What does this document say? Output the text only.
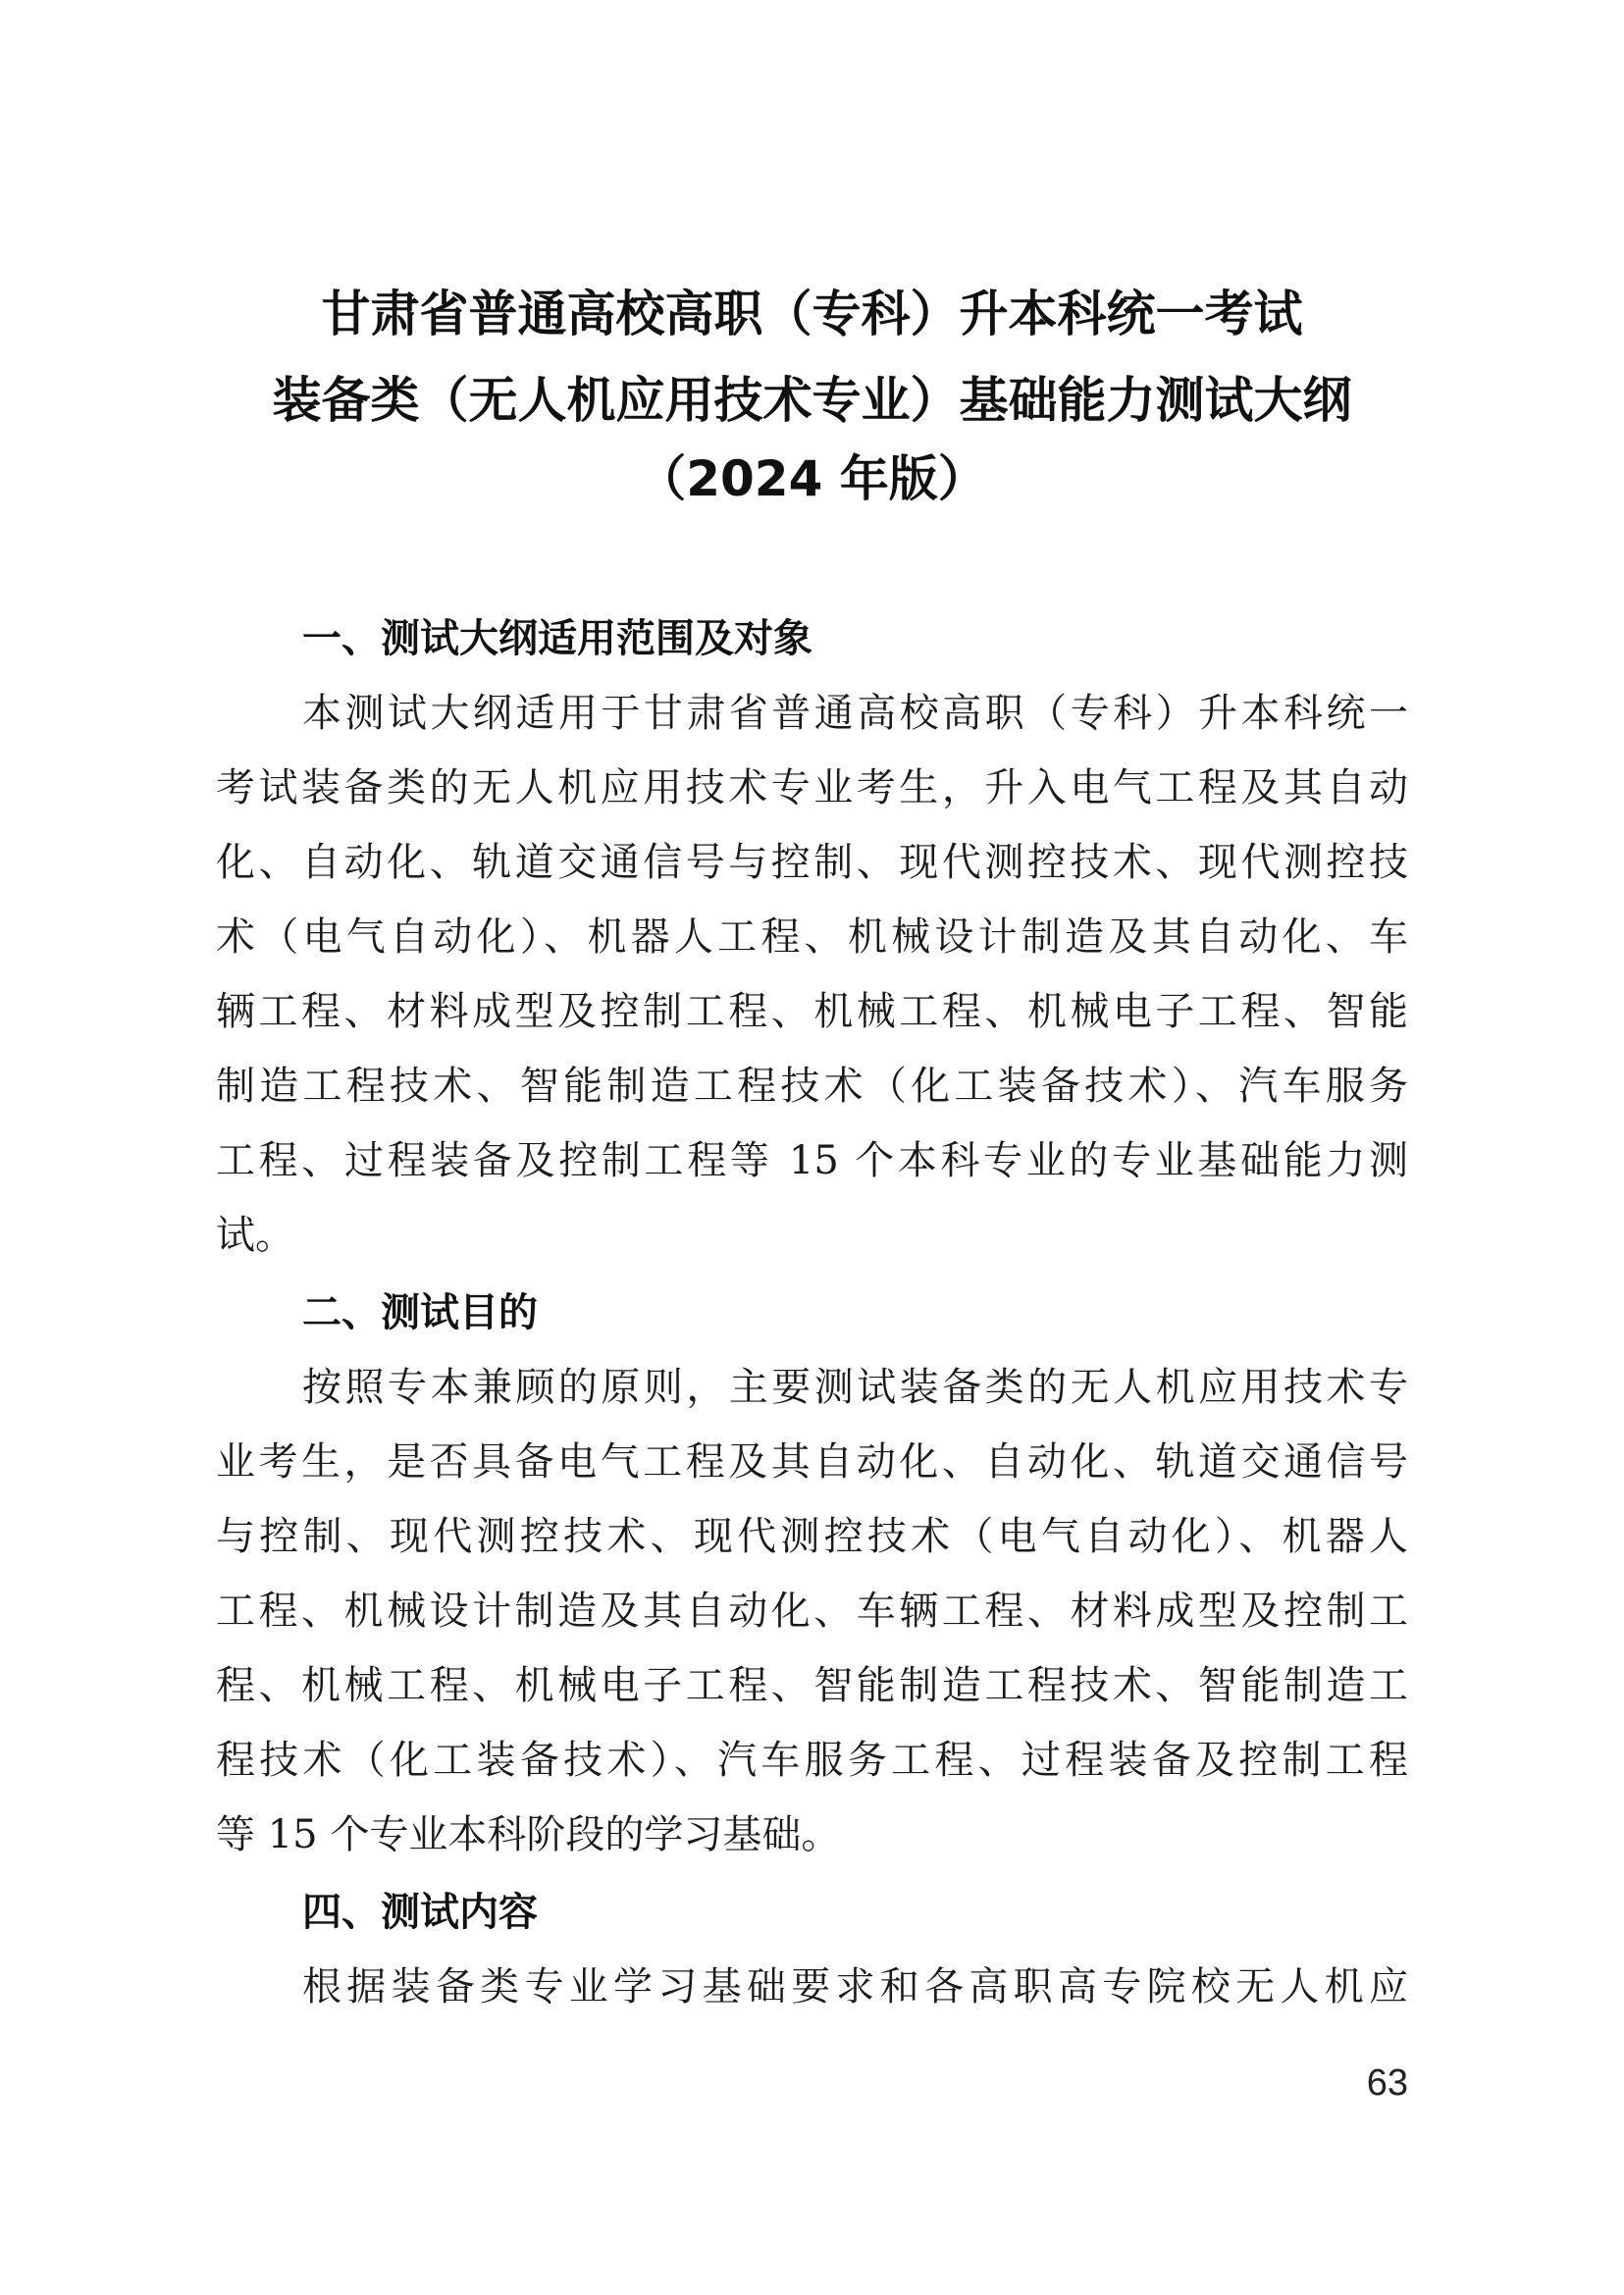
甘肃省普通高校高职（专科）升本科统一考试
装备类（无人机应用技术专业）基础能力测试大纲
（2024 年版）
一、测试大纲适用范围及对象
本测试大纲适用于甘肃省普通高校高职（专科）升本科统一
考试装备类的无人机应用技术专业考生，升入电气工程及其自动
化、自动化、轨道交通信号与控制、现代测控技术、现代测控技
术（电气自动化）、机器人工程、机械设计制造及其自动化、车
辆工程、材料成型及控制工程、机械工程、机械电子工程、智能
制造工程技术、智能制造工程技术（化工装备技术）、汽车服务
工程、过程装备及控制工程等 15 个本科专业的专业基础能力测
试。
二、测试目的
按照专本兼顾的原则，主要测试装备类的无人机应用技术专
业考生，是否具备电气工程及其自动化、自动化、轨道交通信号
与控制、现代测控技术、现代测控技术（电气自动化）、机器人
工程、机械设计制造及其自动化、车辆工程、材料成型及控制工
程、机械工程、机械电子工程、智能制造工程技术、智能制造工
程技术（化工装备技术）、汽车服务工程、过程装备及控制工程
等 15 个专业本科阶段的学习基础。
四、测试内容
根据装备类专业学习基础要求和各高职高专院校无人机应
63
